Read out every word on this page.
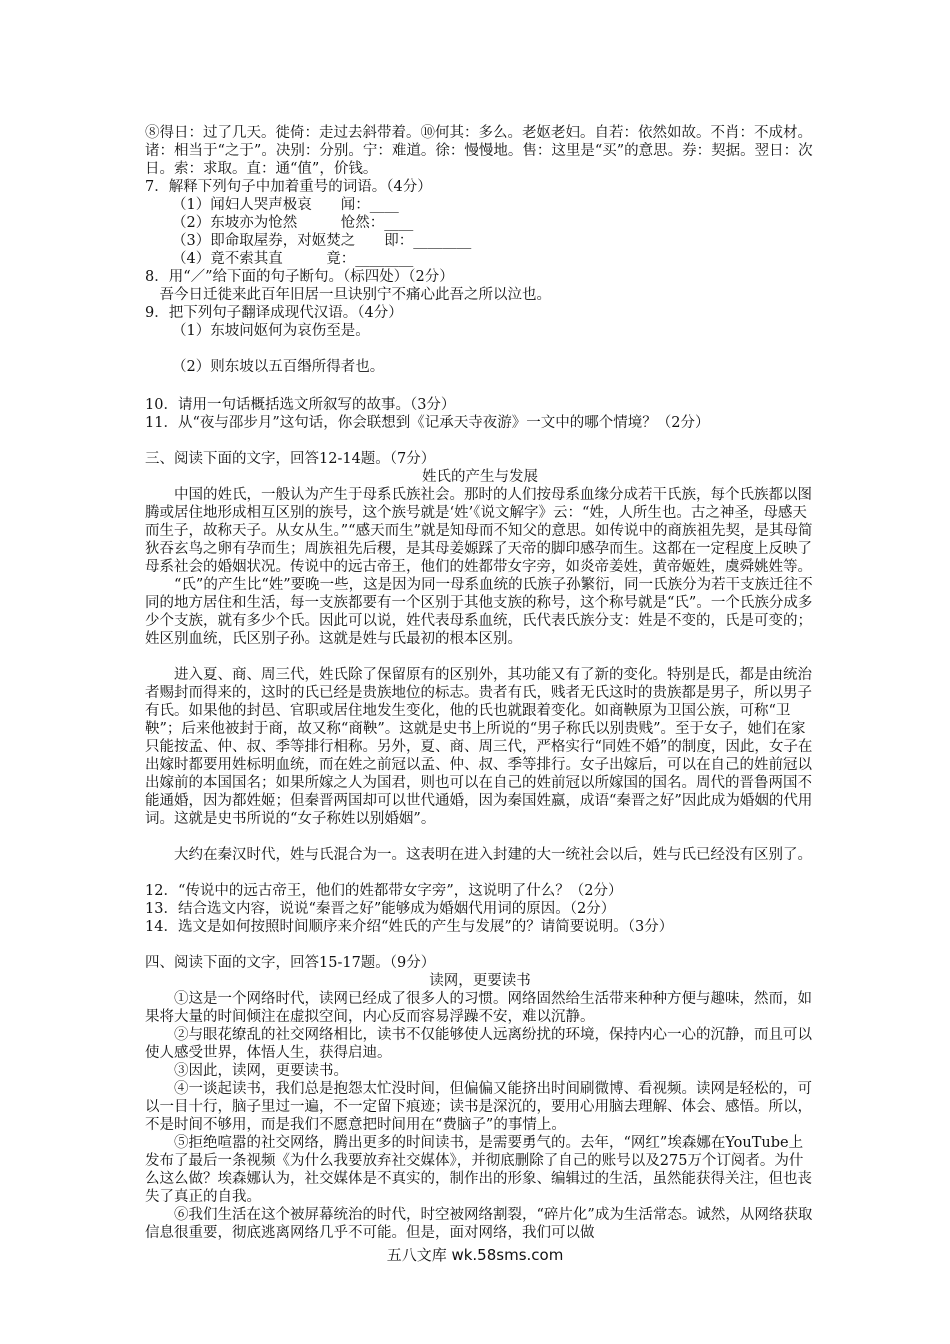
⑧得日：过了几天。徙倚：走过去斜带着。⑩何其：多么。老妪老妇。自若：依然如故。不肖：不成材。诸：相当于“之于”。决别：分别。宁：难道。徐：慢慢地。售：这里是“买”的意思。券：契据。翌日：次日。索：求取。直：通“值”，价钱。

7．解释下列句子中加着重号的词语。（4分）

（1）闻妇人哭声极哀　　闻：____

（2）东坡亦为怆然　　　怆然：____

（3）即命取屋券，对妪焚之　　即：________

（4）竟不索其直　　　竟：________

8．用“／”给下面的句子断句。（标四处）（2分）

　吾今日迁徙来此百年旧居一旦诀别宁不痛心此吾之所以泣也。

9．把下列句子翻译成现代汉语。（4分）

（1）东坡问妪何为哀伤至是。

（2）则东坡以五百缗所得者也。

10．请用一句话概括选文所叙写的故事。（3分）

11．从“夜与邵步月”这句话，你会联想到《记承天寺夜游》一文中的哪个情境？（2分）

三、阅读下面的文字，回答12-14题。（7分）

姓氏的产生与发展

中国的姓氏，一般认为产生于母系氏族社会。那时的人们按母系血缘分成若干氏族，每个氏族都以图腾或居住地形成相互区别的族号，这个族号就是‘姓’《说文解字》云：“姓，人所生也。古之神圣，母感天而生子，故称天子。从女从生。”“感天而生”就是知母而不知父的意思。如传说中的商族祖先契，是其母简狄吞玄鸟之卵有孕而生；周族祖先后稷，是其母姜嫄踩了天帝的脚印感孕而生。这都在一定程度上反映了母系社会的婚姻状况。传说中的远古帝王，他们的姓都带女字旁，如炎帝姜姓，黄帝姬姓，虞舜姚姓等。

“氏”的产生比“姓”要晚一些，这是因为同一母系血统的氏族子孙繁衍，同一氏族分为若干支族迁往不同的地方居住和生活，每一支族都要有一个区别于其他支族的称号，这个称号就是“氏”。一个氏族分成多少个支族，就有多少个氏。因此可以说，姓代表母系血统，氏代表氏族分支：姓是不变的，氏是可变的；姓区别血统，氏区别子孙。这就是姓与氏最初的根本区别。

进入夏、商、周三代，姓氏除了保留原有的区别外，其功能又有了新的变化。特别是氏，都是由统治者赐封而得来的，这时的氏已经是贵族地位的标志。贵者有氏，贱者无氏这时的贵族都是男子，所以男子有氏。如果他的封邑、官职或居住地发生变化，他的氏也就跟着变化。如商鞅原为卫国公族，可称“卫鞅”；后来他被封于商，故又称“商鞅”。这就是史书上所说的“男子称氏以别贵贱”。至于女子，她们在家只能按孟、仲、叔、季等排行相称。另外，夏、商、周三代，严格实行“同姓不婚”的制度，因此，女子在出嫁时都要用姓标明血统，而在姓之前冠以孟、仲、叔、季等排行。女子出嫁后，可以在自己的姓前冠以出嫁前的本国国名；如果所嫁之人为国君，则也可以在自己的姓前冠以所嫁国的国名。周代的晋鲁两国不能通婚，因为都姓姬；但秦晋两国却可以世代通婚，因为秦国姓嬴，成语“秦晋之好”因此成为婚姻的代用词。这就是史书所说的“女子称姓以别婚姻”。

大约在秦汉时代，姓与氏混合为一。这表明在进入封建的大一统社会以后，姓与氏已经没有区别了。

12．“传说中的远古帝王，他们的姓都带女字旁”，这说明了什么？（2分）

13．结合选文内容，说说“秦晋之好”能够成为婚姻代用词的原因。（2分）

14．选文是如何按照时间顺序来介绍“姓氏的产生与发展”的？请简要说明。（3分）

四、阅读下面的文字，回答15-17题。（9分）

读网，更要读书

①这是一个网络时代，读网已经成了很多人的习惯。网络固然给生活带来种种方便与趣味，然而，如果将大量的时间倾注在虚拟空间，内心反而容易浮躁不安，难以沉静。

②与眼花缭乱的社交网络相比，读书不仅能够使人远离纷扰的环境，保持内心一心的沉静，而且可以使人感受世界，体悟人生，获得启迪。

③因此，读网，更要读书。

④一谈起读书，我们总是抱怨太忙没时间，但偏偏又能挤出时间刷微博、看视频。读网是轻松的，可以一目十行，脑子里过一遍，不一定留下痕迹；读书是深沉的，要用心用脑去理解、体会、感悟。所以，不是时间不够用，而是我们不愿意把时间用在“费脑子”的事情上。

⑤拒绝喧嚣的社交网络，腾出更多的时间读书，是需要勇气的。去年，“网红”埃森娜在YouTube上发布了最后一条视频《为什么我要放弃社交媒体》，并彻底删除了自己的账号以及275万个订阅者。为什么这么做？埃森娜认为，社交媒体是不真实的，制作出的形象、编辑过的生活，虽然能获得关注，但也丧失了真正的自我。

⑥我们生活在这个被屏幕统治的时代，时空被网络割裂，“碎片化”成为生活常态。诚然，从网络获取信息很重要，彻底逃离网络几乎不可能。但是，面对网络，我们可以做

五八文库 wk.58sms.com
